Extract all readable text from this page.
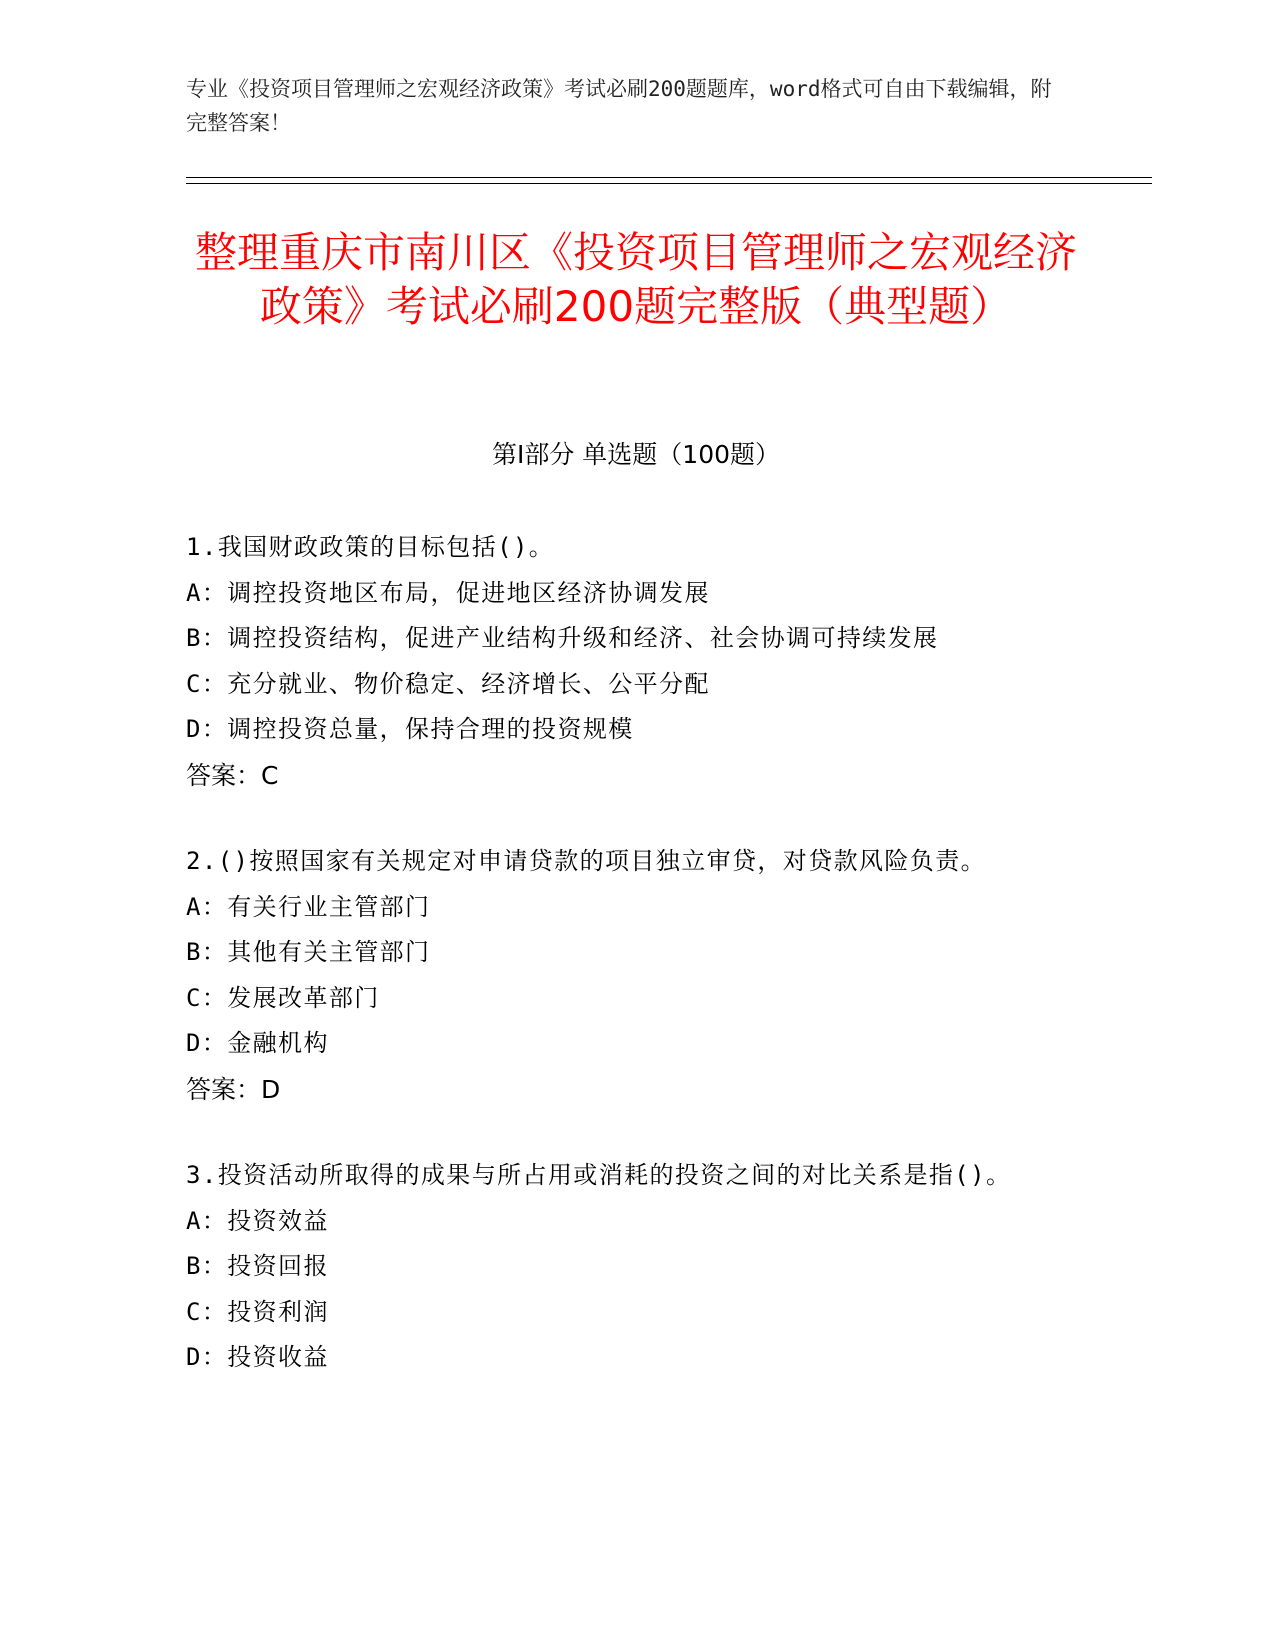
专业《投资项目管理师之宏观经济政策》考试必刷200题题库，word格式可自由下载编辑，附完整答案！
整理重庆市南川区《投资项目管理师之宏观经济政策》考试必刷200题完整版（典型题）
第I部分 单选题（100题）

1.我国财政政策的目标包括()。

A：调控投资地区布局，促进地区经济协调发展

B：调控投资结构，促进产业结构升级和经济、社会协调可持续发展

C：充分就业、物价稳定、经济增长、公平分配

D：调控投资总量，保持合理的投资规模

答案：C

2.()按照国家有关规定对申请贷款的项目独立审贷，对贷款风险负责。

A：有关行业主管部门

B：其他有关主管部门

C：发展改革部门

D：金融机构

答案：D

3.投资活动所取得的成果与所占用或消耗的投资之间的对比关系是指()。

A：投资效益

B：投资回报

C：投资利润

D：投资收益
